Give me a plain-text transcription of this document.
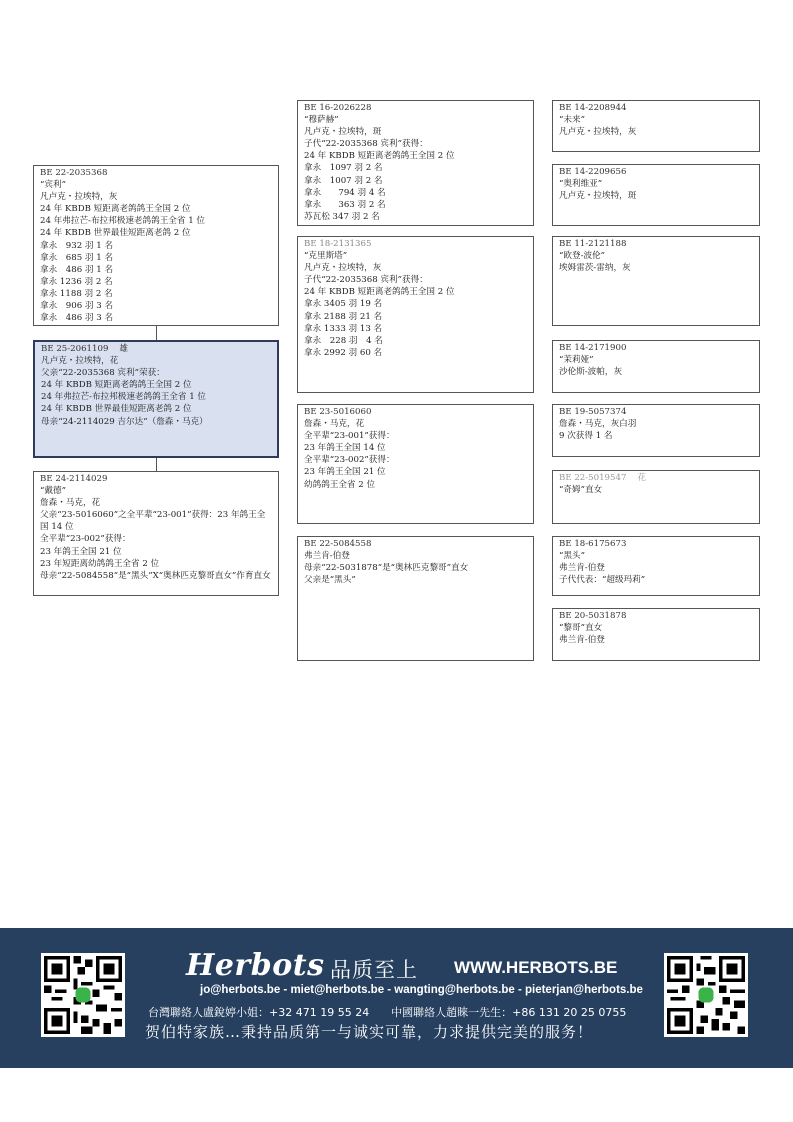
BE 25-2061109 雄
凡卢克・拉埃特，花
父亲“22-2035368 宾利”荣获：
24 年 KBDB 短距离老鸽鸽王全国 2 位
24 年弗拉芒-布拉邦极速老鸽鸽王全省 1 位
24 年 KBDB 世界最佳短距离老鸽 2 位
母亲“24-2114029 吉尔达”（詹森・马克）
BE 22-2035368
“宾利”
凡卢克・拉埃特，灰
24 年 KBDB 短距离老鸽鸽王全国 2 位
24 年弗拉芒-布拉邦极速老鸽鸽王全省 1 位
24 年 KBDB 世界最佳短距离老鸽 2 位
拿永　932 羽 1 名
拿永　685 羽 1 名
拿永　486 羽 1 名
拿永 1236 羽 2 名
拿永 1188 羽 2 名
拿永　906 羽 3 名
拿永　486 羽 3 名
BE 24-2114029
“戴德”
詹森・马克，花
父亲“23-5016060”之全平辈“23-001”获得：23 年鸽王全国 14 位
全平辈“23-002”获得：
23 年鸽王全国 21 位
23 年短距离幼鸽鸽王全省 2 位
母亲“22-5084558”是“黑头”X“奥林匹克黎哥直女”作育直女
BE 16-2026228
“穆萨赫”
凡卢克・拉埃特，斑
子代“22-2035368 宾利”获得：
24 年 KBDB 短距离老鸽鸽王全国 2 位
拿永　1097 羽 2 名
拿永　1007 羽 2 名
拿永　　794 羽 4 名
拿永　　363 羽 2 名
苏瓦松 347 羽 2 名
BE 18-2131365
“克里斯塔”
凡卢克・拉埃特，灰
子代“22-2035368 宾利”获得：
24 年 KBDB 短距离老鸽鸽王全国 2 位
拿永 3405 羽 19 名
拿永 2188 羽 21 名
拿永 1333 羽 13 名
拿永　228 羽　4 名
拿永 2992 羽 60 名
BE 23-5016060
詹森・马克，花
全平辈“23-001”获得：
23 年鸽王全国 14 位
全平辈“23-002”获得：
23 年鸽王全国 21 位
幼鸽鸽王全省 2 位
BE 22-5084558
弗兰肯-伯登
母亲“22-5031878”是“奥林匹克黎哥”直女
父亲是“黑头”
BE 14-2208944
“未来”
凡卢克・拉埃特，灰
BE 14-2209656
“奥利维亚”
凡卢克・拉埃特，斑
BE 11-2121188
“欧登-波伦”
埃姆雷茨-雷纳，灰
BE 14-2171900
“茉莉娅”
沙伦斯-波帕，灰
BE 19-5057374
詹森・马克，灰白羽
9 次获得 1 名
BE 22-5019547 花
“奇姆”直女
BE 18-6175673
“黑头”
弗兰肯-伯登
子代代表：“超级玛莉”
BE 20-5031878
“黎哥”直女
弗兰肯-伯登
Herbots 品质至上 WWW.HERBOTS.BE
jo@herbots.be - miet@herbots.be - wangting@herbots.be - pieterjan@herbots.be
台灣聯絡人盧銳婷小姐：+32 471 19 55 24　　中國聯絡人趙睞一先生：+86 131 20 25 0755
贺伯特家族…秉持品质第一与诚实可靠，力求提供完美的服务！
